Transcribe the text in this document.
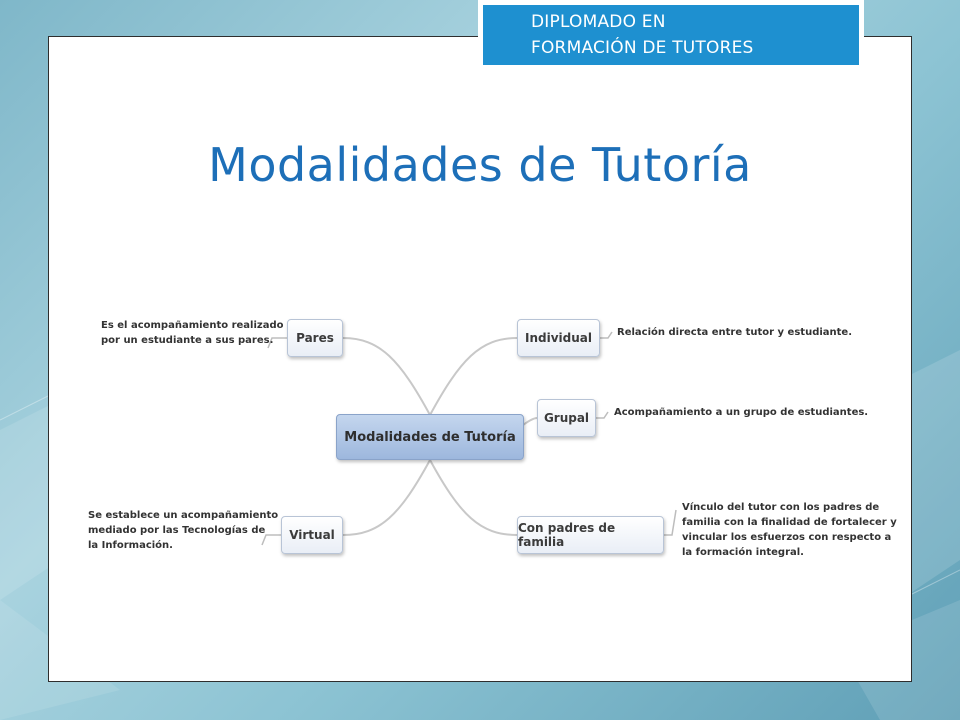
DIPLOMADO EN
FORMACIÓN DE TUTORES
Modalidades de Tutoría
Modalidades de Tutoría
Pares
Virtual
Individual
Grupal
Con padres de familia
Es el acompañamiento realizado
por un estudiante a sus pares.
Se establece un acompañamiento
mediado por las Tecnologías de
la Información.
Relación directa entre tutor y estudiante.
Acompañamiento a un grupo de estudiantes.
Vínculo del tutor con los padres de
familia con la finalidad de fortalecer y
vincular los esfuerzos con respecto a
la formación integral.
